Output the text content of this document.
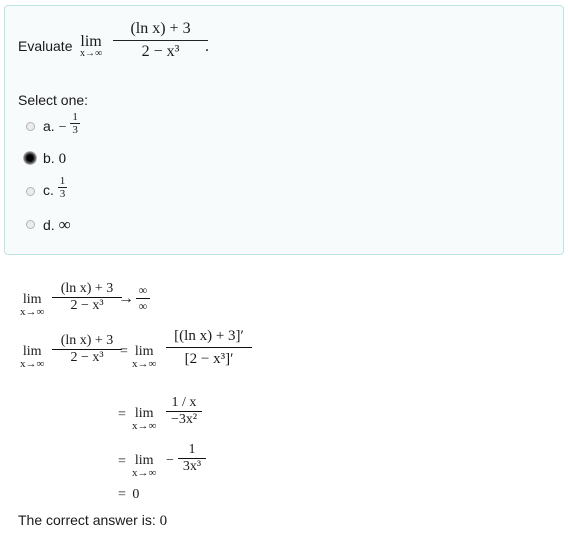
Evaluate lim
$x\to\infty \frac{\text{(ln x) + 3}}{\text{2 − x³}}$
.
Select one:
a. − $\frac{1}{3}$
b. 0
c. $\frac{1}{3}$
d. ∞
lim
x→∞
(ln x) + 3
2 − x³ → ∞
∞
lim
x→∞
(ln x) + 3
2 − x³	= lim
x→∞
[(ln x) + 3]′
[2 − x³]′
= lim
x→∞
1 / x
−3x²
= lim
x→∞
−
1
3x³
= 0
The correct answer is: 0
